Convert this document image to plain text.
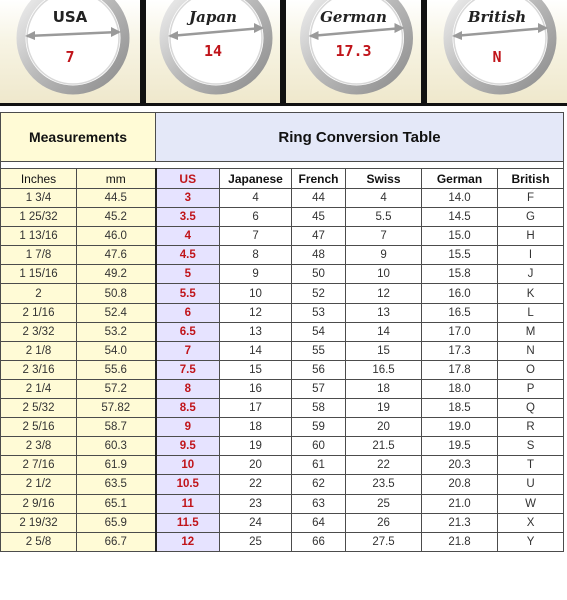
USA
7
Japan
14
German
17.3
British
N
Measurements		Ring Conversion Table					

Inches	mm	US	Japanese	French	Swiss	German	British
1 3/4	44.5	3	4	44	4	14.0	F
1 25/32	45.2	3.5	6	45	5.5	14.5	G
1 13/16	46.0	4	7	47	7	15.0	H
1 7/8	47.6	4.5	8	48	9	15.5	I
1 15/16	49.2	5	9	50	10	15.8	J
2	50.8	5.5	10	52	12	16.0	K
2 1/16	52.4	6	12	53	13	16.5	L
2 3/32	53.2	6.5	13	54	14	17.0	M
2 1/8	54.0	7	14	55	15	17.3	N
2 3/16	55.6	7.5	15	56	16.5	17.8	O
2 1/4	57.2	8	16	57	18	18.0	P
2 5/32	57.82	8.5	17	58	19	18.5	Q
2 5/16	58.7	9	18	59	20	19.0	R
2 3/8	60.3	9.5	19	60	21.5	19.5	S
2 7/16	61.9	10	20	61	22	20.3	T
2 1/2	63.5	10.5	22	62	23.5	20.8	U
2 9/16	65.1	11	23	63	25	21.0	W
2 19/32	65.9	11.5	24	64	26	21.3	X
2 5/8	66.7	12	25	66	27.5	21.8	Y
